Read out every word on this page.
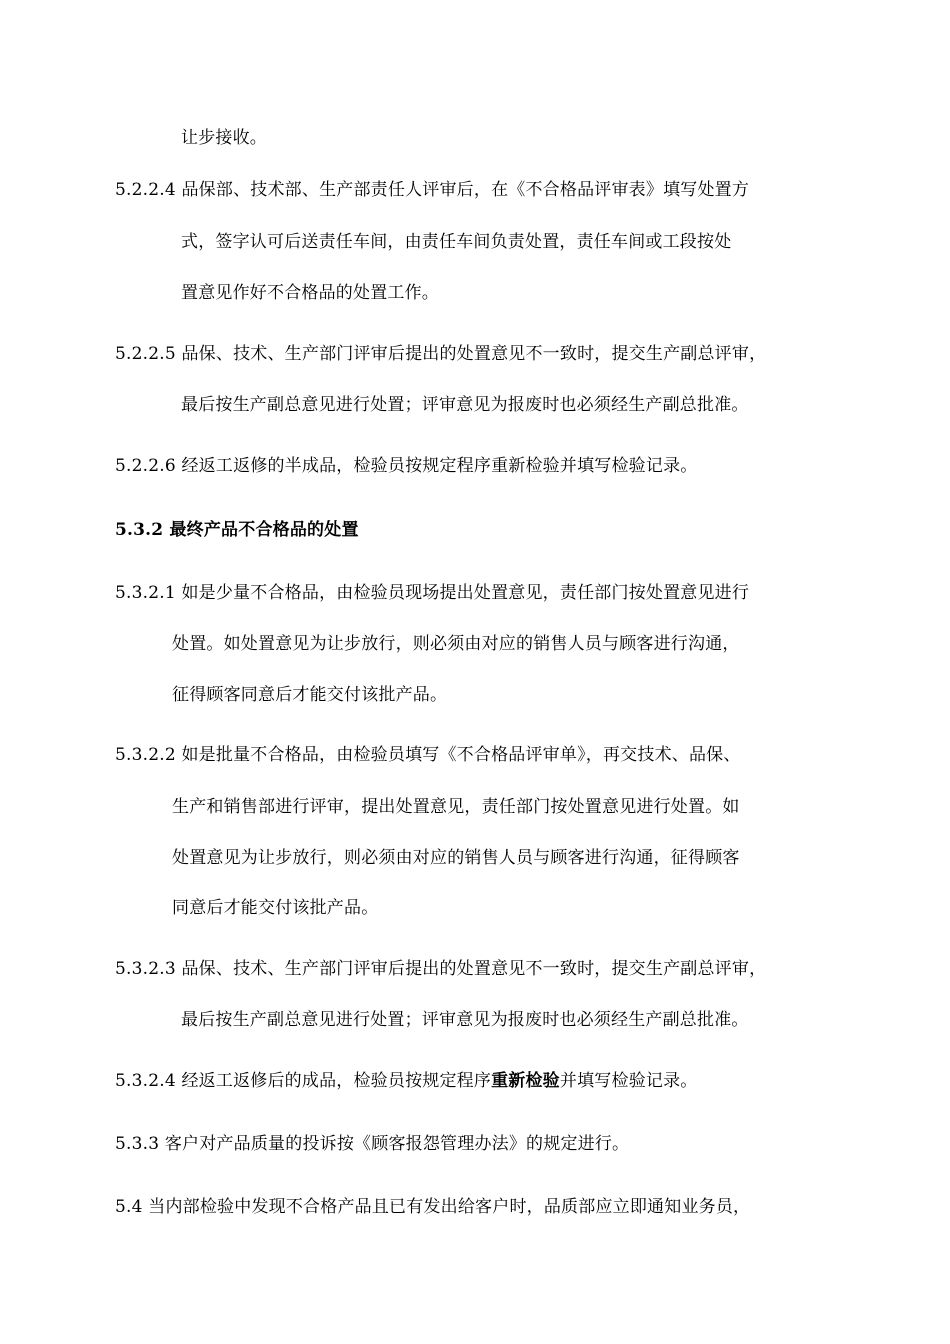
让步接收。
5.2.2.4 品保部、技术部、生产部责任人评审后，在《不合格品评审表》填写处置方
式，签字认可后送责任车间，由责任车间负责处置，责任车间或工段按处
置意见作好不合格品的处置工作。
5.2.2.5 品保、技术、生产部门评审后提出的处置意见不一致时，提交生产副总评审，
最后按生产副总意见进行处置；评审意见为报废时也必须经生产副总批准。
5.2.2.6 经返工返修的半成品，检验员按规定程序重新检验并填写检验记录。
5.3.2 最终产品不合格品的处置
5.3.2.1 如是少量不合格品，由检验员现场提出处置意见，责任部门按处置意见进行
处置。如处置意见为让步放行，则必须由对应的销售人员与顾客进行沟通，
征得顾客同意后才能交付该批产品。
5.3.2.2 如是批量不合格品，由检验员填写《不合格品评审单》，再交技术、品保、
生产和销售部进行评审，提出处置意见，责任部门按处置意见进行处置。如
处置意见为让步放行，则必须由对应的销售人员与顾客进行沟通，征得顾客
同意后才能交付该批产品。
5.3.2.3 品保、技术、生产部门评审后提出的处置意见不一致时，提交生产副总评审，
最后按生产副总意见进行处置；评审意见为报废时也必须经生产副总批准。
5.3.2.4 经返工返修后的成品，检验员按规定程序重新检验并填写检验记录。
5.3.3 客户对产品质量的投诉按《顾客报怨管理办法》的规定进行。
5.4 当内部检验中发现不合格产品且已有发出给客户时，品质部应立即通知业务员，
